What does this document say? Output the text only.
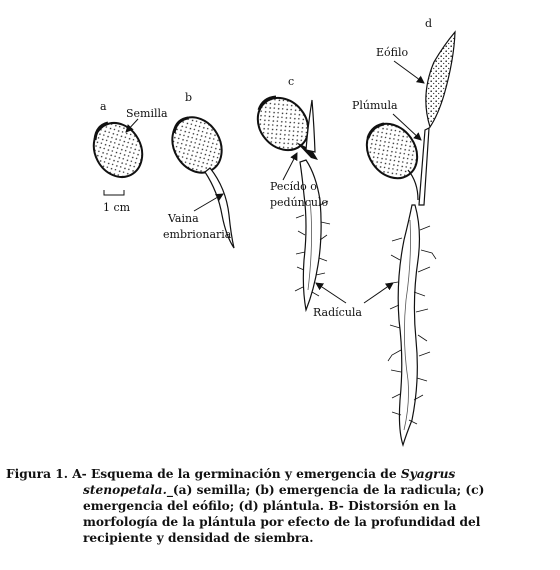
a
1 cm
Semilla
b
Vaina
embrionaria
c
Pecído o
pedúnculo
Radícula
d
Eófilo
Plúmula
Figura 1. A- Esquema de la germinación y emergencia de Syagrus
stenopetala._(a) semilla; (b) emergencia de la radicula; (c)
emergencia del eófilo; (d) plántula. B- Distorsión en la
morfología de la plántula por efecto de la profundidad del
recipiente y densidad de siembra.
